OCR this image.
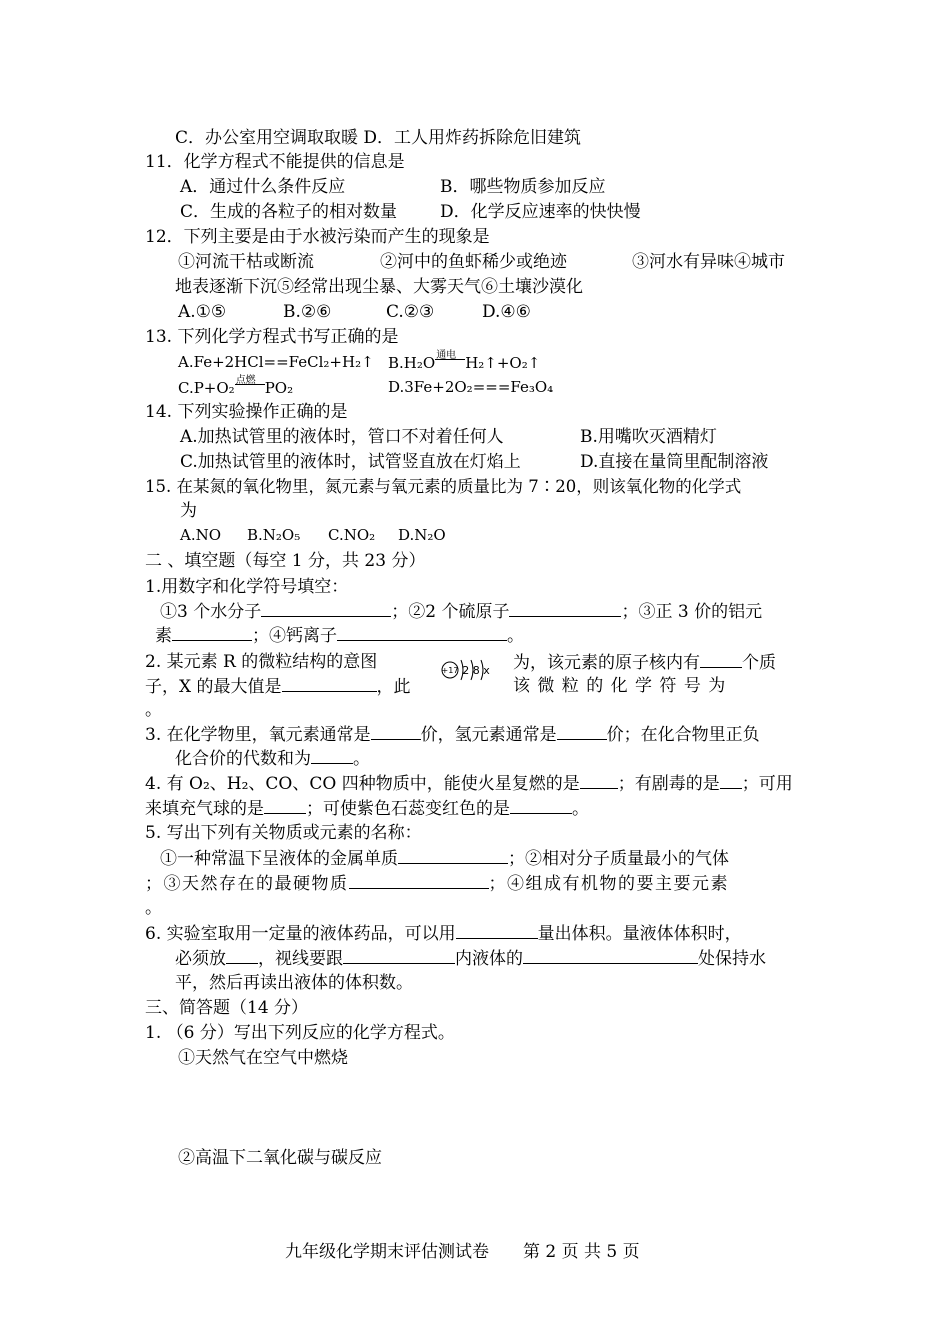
C．办公室用空调取取暖 D．工人用炸药拆除危旧建筑
11．化学方程式不能提供的信息是
A．通过什么条件反应	B．哪些物质参加反应
C．生成的各粒子的相对数量	D．化学反应速率的快快慢
12．下列主要是由于水被污染而产生的现象是
①河流干枯或断流	②河中的鱼虾稀少或绝迹	③河水有异味④城市
地表逐渐下沉⑤经常出现尘暴、大雾天气⑥土壤沙漠化
A.①⑤	B.②⑥	C.②③	D.④⑥
13. 下列化学方程式书写正确的是
A.Fe+2HCl==FeCl₂+H₂↑ B.H₂O 通电 H₂↑+O₂↑
C.P+O₂ 点燃 PO₂	D.3Fe+2O₂===Fe₃O₄
14. 下列实验操作正确的是
A.加热试管里的液体时，管口不对着任何人	B.用嘴吹灭酒精灯
C.加热试管里的液体时，试管竖直放在灯焰上	D.直接在量筒里配制溶液
15. 在某氮的氧化物里，氮元素与氧元素的质量比为 7∶20，则该氧化物的化学式
为
A.NO B.N₂O₅ C.NO₂ D.N₂O
二 、填空题（每空 1 分，共 23 分）
1.用数字和化学符号填空：
①3 个水分子	；②2 个硫原子	；③正 3 价的铝元
素	；④钙离子	。
2. 某元素 R 的微粒结构的意图	+17 2 8 x 为，该元素的原子核内有 个质
子，X 的最大值是	，此	该 微 粒 的 化 学 符 号 为
。
3. 在化学物里，氧元素通常是	价，氢元素通常是	价；在化合物里正负
化合价的代数和为 。
4. 有 O₂、H₂、CO、CO 四种物质中，能使火星复燃的是 ；有剧毒的是 ；可用
来填充气球的是 ；可使紫色石蕊变红色的是	。
5. 写出下列有关物质或元素的名称：
①一种常温下呈液体的金属单质	；②相对分子质量最小的气体
；③天然存在的最硬物质	；④组成有机物的要主要元素
。
6. 实验室取用一定量的液体药品，可以用	量出体积。量液体体积时，
必须放 ，视线要跟	内液体的	处保持水
平，然后再读出液体的体积数。
三、简答题（14 分）
1. （6 分）写出下列反应的化学方程式。
①天然气在空气中燃烧
②高温下二氧化碳与碳反应
九年级化学期末评估测试卷　　第 2 页 共 5 页
